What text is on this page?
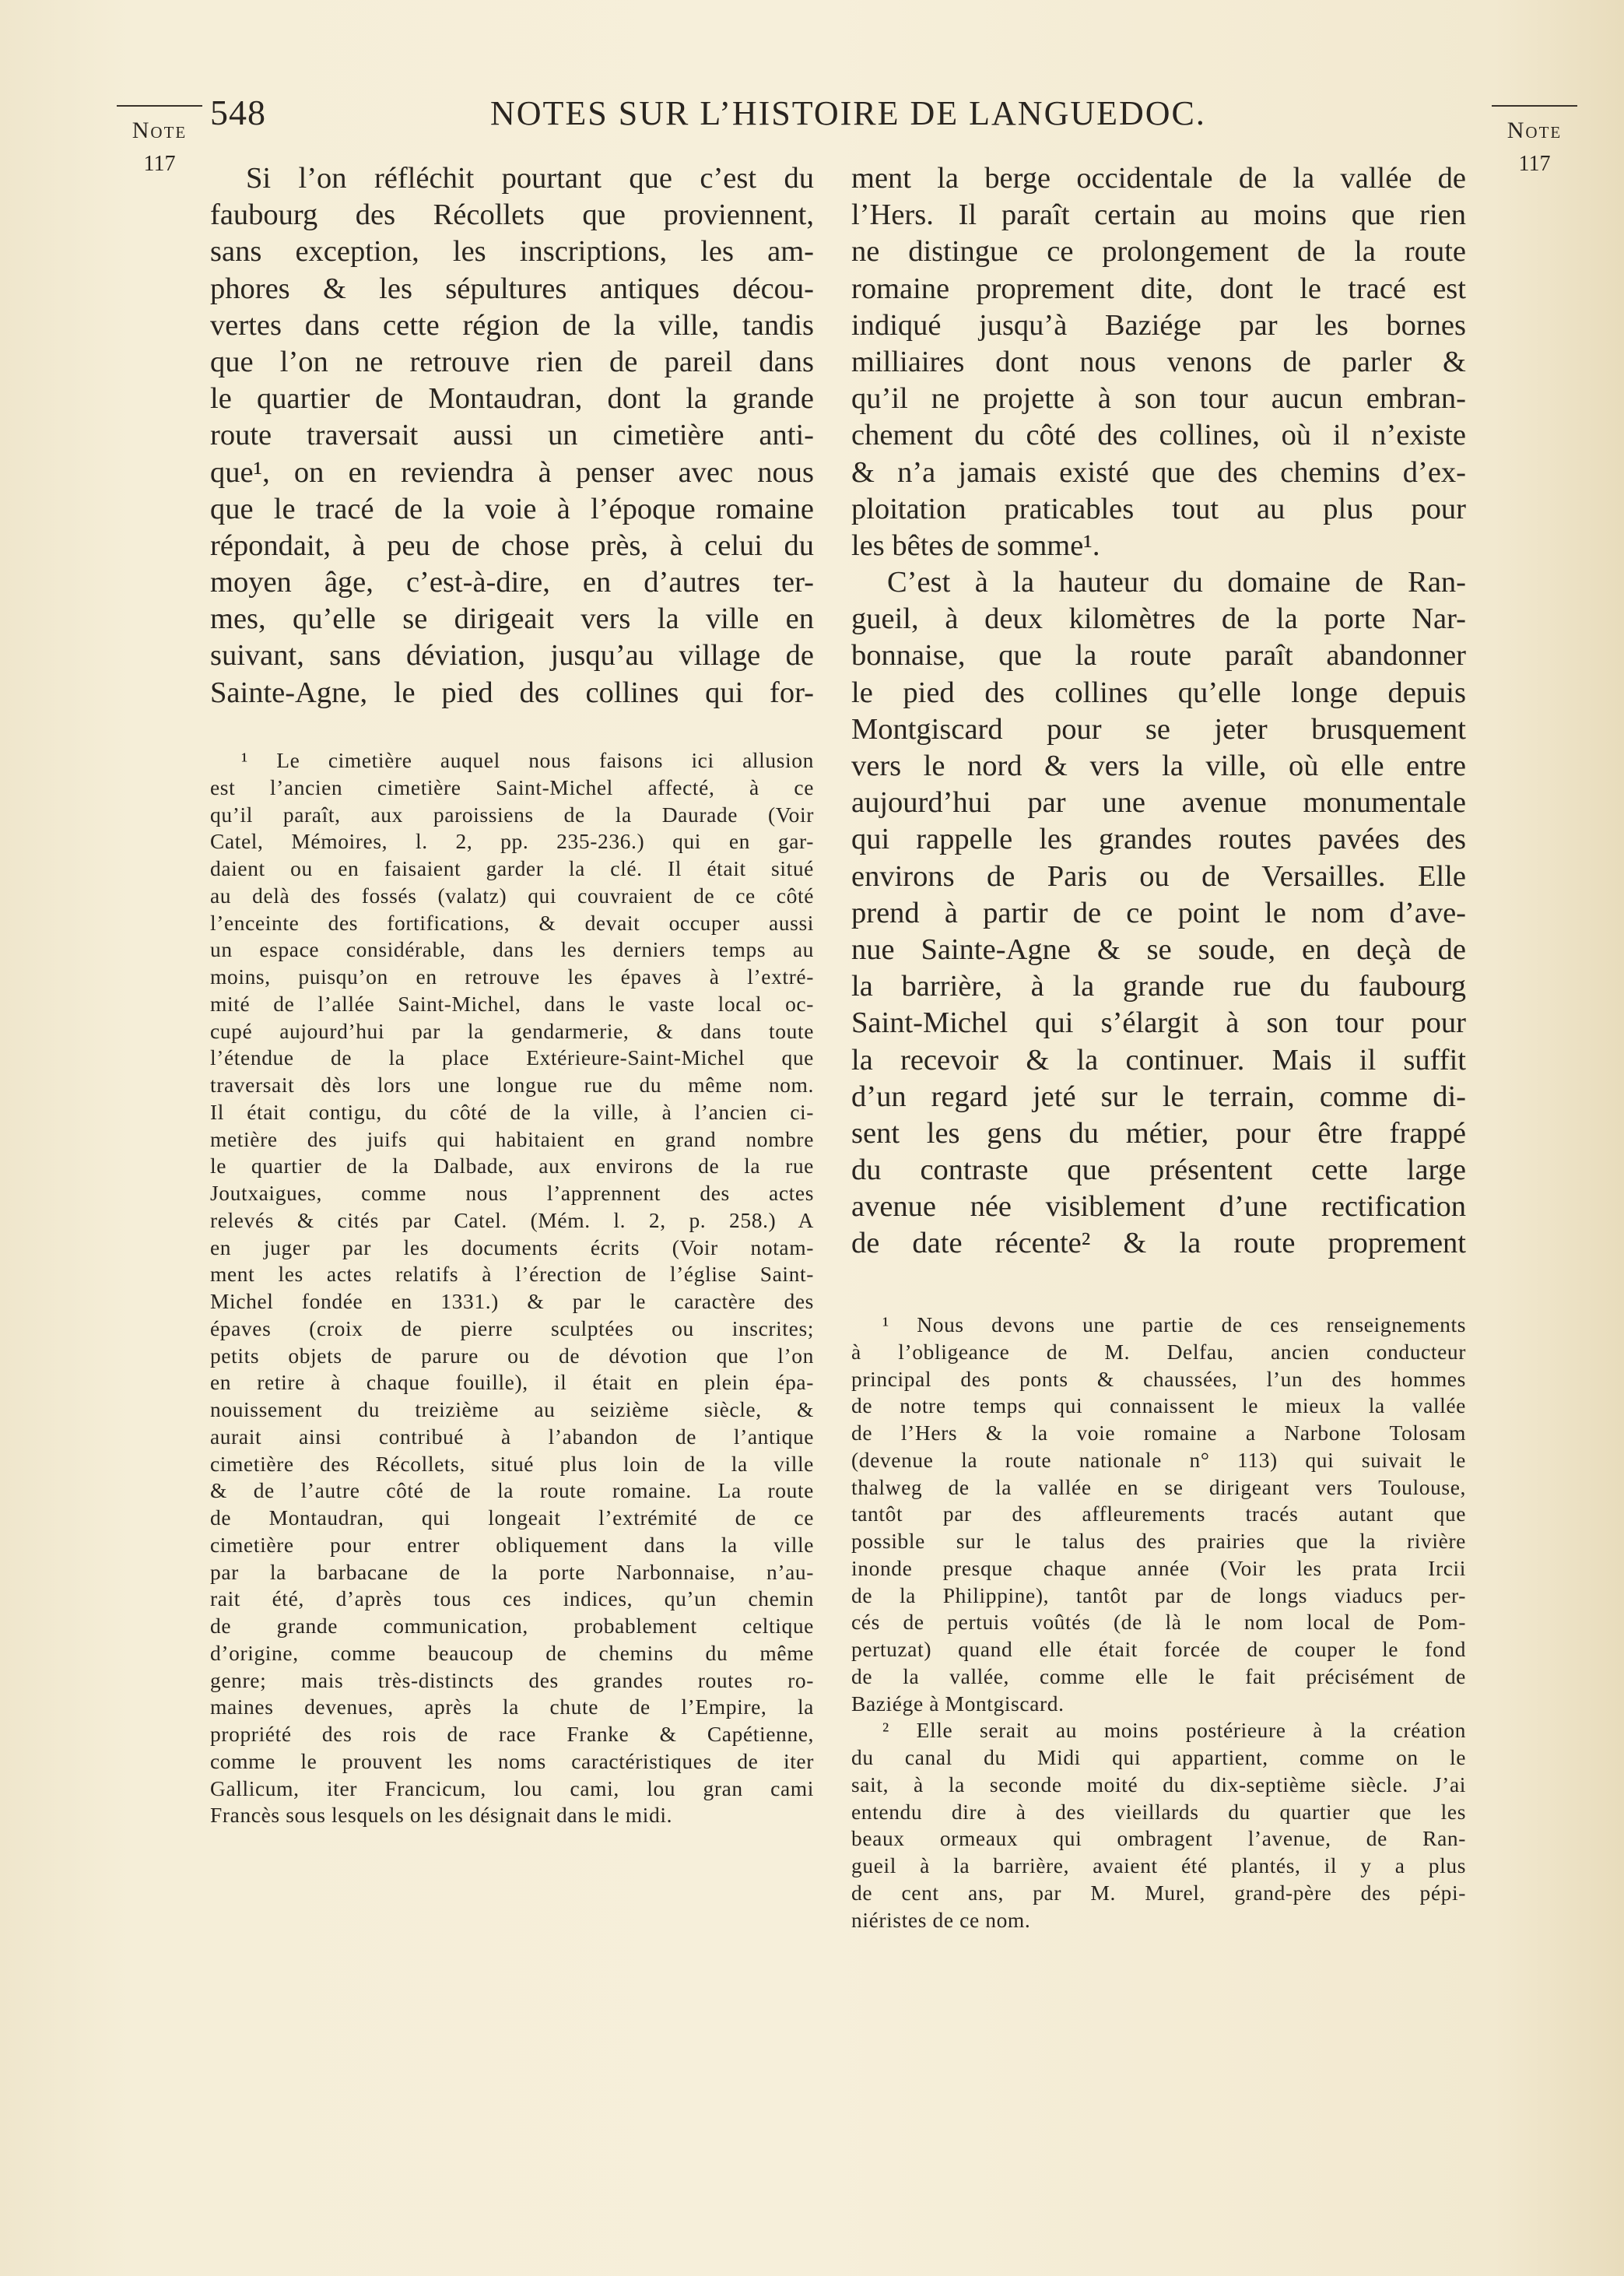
Note
117
Note
117
548	NOTES SUR L’HISTOIRE DE LANGUEDOC.
Si l’on réfléchit pourtant que c’est du
faubourg des Récollets que proviennent,
sans exception, les inscriptions, les am-
phores & les sépultures antiques décou-
vertes dans cette région de la ville, tandis
que l’on ne retrouve rien de pareil dans
le quartier de Montaudran, dont la grande
route traversait aussi un cimetière anti-
que¹, on en reviendra à penser avec nous
que le tracé de la voie à l’époque romaine
répondait, à peu de chose près, à celui du
moyen âge, c’est-à-dire, en d’autres ter-
mes, qu’elle se dirigeait vers la ville en
suivant, sans déviation, jusqu’au village de
Sainte-Agne, le pied des collines qui for-
¹ Le cimetière auquel nous faisons ici allusion
est l’ancien cimetière Saint-Michel affecté, à ce
qu’il paraît, aux paroissiens de la Daurade (Voir
Catel, Mémoires, l. 2, pp. 235-236.) qui en gar-
daient ou en faisaient garder la clé. Il était situé
au delà des fossés (valatz) qui couvraient de ce côté
l’enceinte des fortifications, & devait occuper aussi
un espace considérable, dans les derniers temps au
moins, puisqu’on en retrouve les épaves à l’extré-
mité de l’allée Saint-Michel, dans le vaste local oc-
cupé aujourd’hui par la gendarmerie, & dans toute
l’étendue de la place Extérieure-Saint-Michel que
traversait dès lors une longue rue du même nom.
Il était contigu, du côté de la ville, à l’ancien ci-
metière des juifs qui habitaient en grand nombre
le quartier de la Dalbade, aux environs de la rue
Joutxaigues, comme nous l’apprennent des actes
relevés & cités par Catel. (Mém. l. 2, p. 258.) A
en juger par les documents écrits (Voir notam-
ment les actes relatifs à l’érection de l’église Saint-
Michel fondée en 1331.) & par le caractère des
épaves (croix de pierre sculptées ou inscrites;
petits objets de parure ou de dévotion que l’on
en retire à chaque fouille), il était en plein épa-
nouissement du treizième au seizième siècle, &
aurait ainsi contribué à l’abandon de l’antique
cimetière des Récollets, situé plus loin de la ville
& de l’autre côté de la route romaine. La route
de Montaudran, qui longeait l’extrémité de ce
cimetière pour entrer obliquement dans la ville
par la barbacane de la porte Narbonnaise, n’au-
rait été, d’après tous ces indices, qu’un chemin
de grande communication, probablement celtique
d’origine, comme beaucoup de chemins du même
genre; mais très-distincts des grandes routes ro-
maines devenues, après la chute de l’Empire, la
propriété des rois de race Franke & Capétienne,
comme le prouvent les noms caractéristiques de iter
Gallicum, iter Francicum, lou cami, lou gran cami
Francès sous lesquels on les désignait dans le midi.
ment la berge occidentale de la vallée de
l’Hers. Il paraît certain au moins que rien
ne distingue ce prolongement de la route
romaine proprement dite, dont le tracé est
indiqué jusqu’à Baziége par les bornes
milliaires dont nous venons de parler &
qu’il ne projette à son tour aucun embran-
chement du côté des collines, où il n’existe
& n’a jamais existé que des chemins d’ex-
ploitation praticables tout au plus pour
les bêtes de somme¹.
C’est à la hauteur du domaine de Ran-
gueil, à deux kilomètres de la porte Nar-
bonnaise, que la route paraît abandonner
le pied des collines qu’elle longe depuis
Montgiscard pour se jeter brusquement
vers le nord & vers la ville, où elle entre
aujourd’hui par une avenue monumentale
qui rappelle les grandes routes pavées des
environs de Paris ou de Versailles. Elle
prend à partir de ce point le nom d’ave-
nue Sainte-Agne & se soude, en deçà de
la barrière, à la grande rue du faubourg
Saint-Michel qui s’élargit à son tour pour
la recevoir & la continuer. Mais il suffit
d’un regard jeté sur le terrain, comme di-
sent les gens du métier, pour être frappé
du contraste que présentent cette large
avenue née visiblement d’une rectification
de date récente² & la route proprement
¹ Nous devons une partie de ces renseignements
à l’obligeance de M. Delfau, ancien conducteur
principal des ponts & chaussées, l’un des hommes
de notre temps qui connaissent le mieux la vallée
de l’Hers & la voie romaine a Narbone Tolosam
(devenue la route nationale n° 113) qui suivait le
thalweg de la vallée en se dirigeant vers Toulouse,
tantôt par des affleurements tracés autant que
possible sur le talus des prairies que la rivière
inonde presque chaque année (Voir les prata Ircii
de la Philippine), tantôt par de longs viaducs per-
cés de pertuis voûtés (de là le nom local de Pom-
pertuzat) quand elle était forcée de couper le fond
de la vallée, comme elle le fait précisément de
Baziége à Montgiscard.
² Elle serait au moins postérieure à la création
du canal du Midi qui appartient, comme on le
sait, à la seconde moité du dix-septième siècle. J’ai
entendu dire à des vieillards du quartier que les
beaux ormeaux qui ombragent l’avenue, de Ran-
gueil à la barrière, avaient été plantés, il y a plus
de cent ans, par M. Murel, grand-père des pépi-
niéristes de ce nom.
